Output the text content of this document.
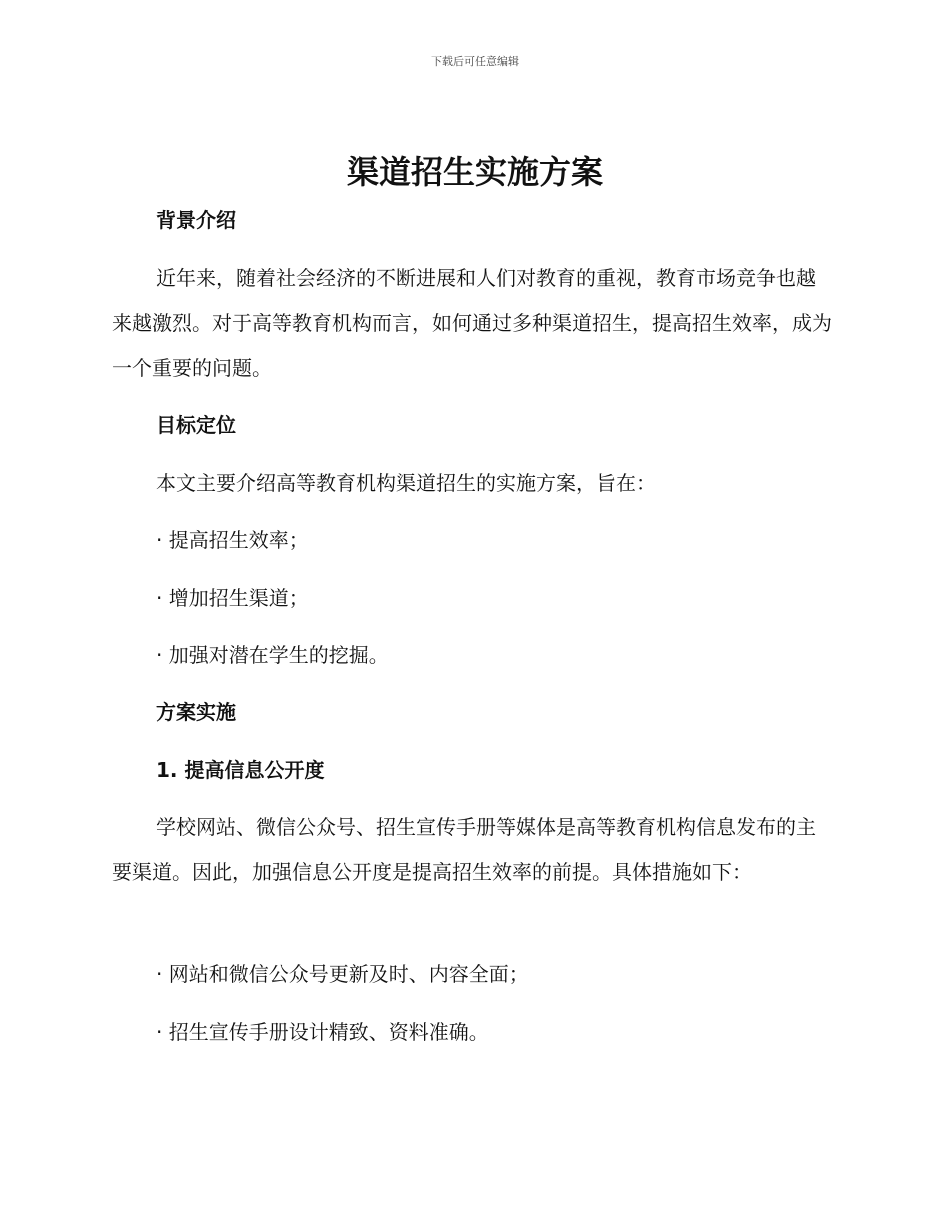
下载后可任意编辑
渠道招生实施方案
背景介绍
近年来，随着社会经济的不断进展和人们对教育的重视，教育市场竞争也越来越激烈。对于高等教育机构而言，如何通过多种渠道招生，提高招生效率，成为一个重要的问题。
目标定位
本文主要介绍高等教育机构渠道招生的实施方案，旨在：
· 提高招生效率；
· 增加招生渠道；
· 加强对潜在学生的挖掘。
方案实施
1. 提高信息公开度
学校网站、微信公众号、招生宣传手册等媒体是高等教育机构信息发布的主要渠道。因此，加强信息公开度是提高招生效率的前提。具体措施如下：
· 网站和微信公众号更新及时、内容全面；
· 招生宣传手册设计精致、资料准确。
